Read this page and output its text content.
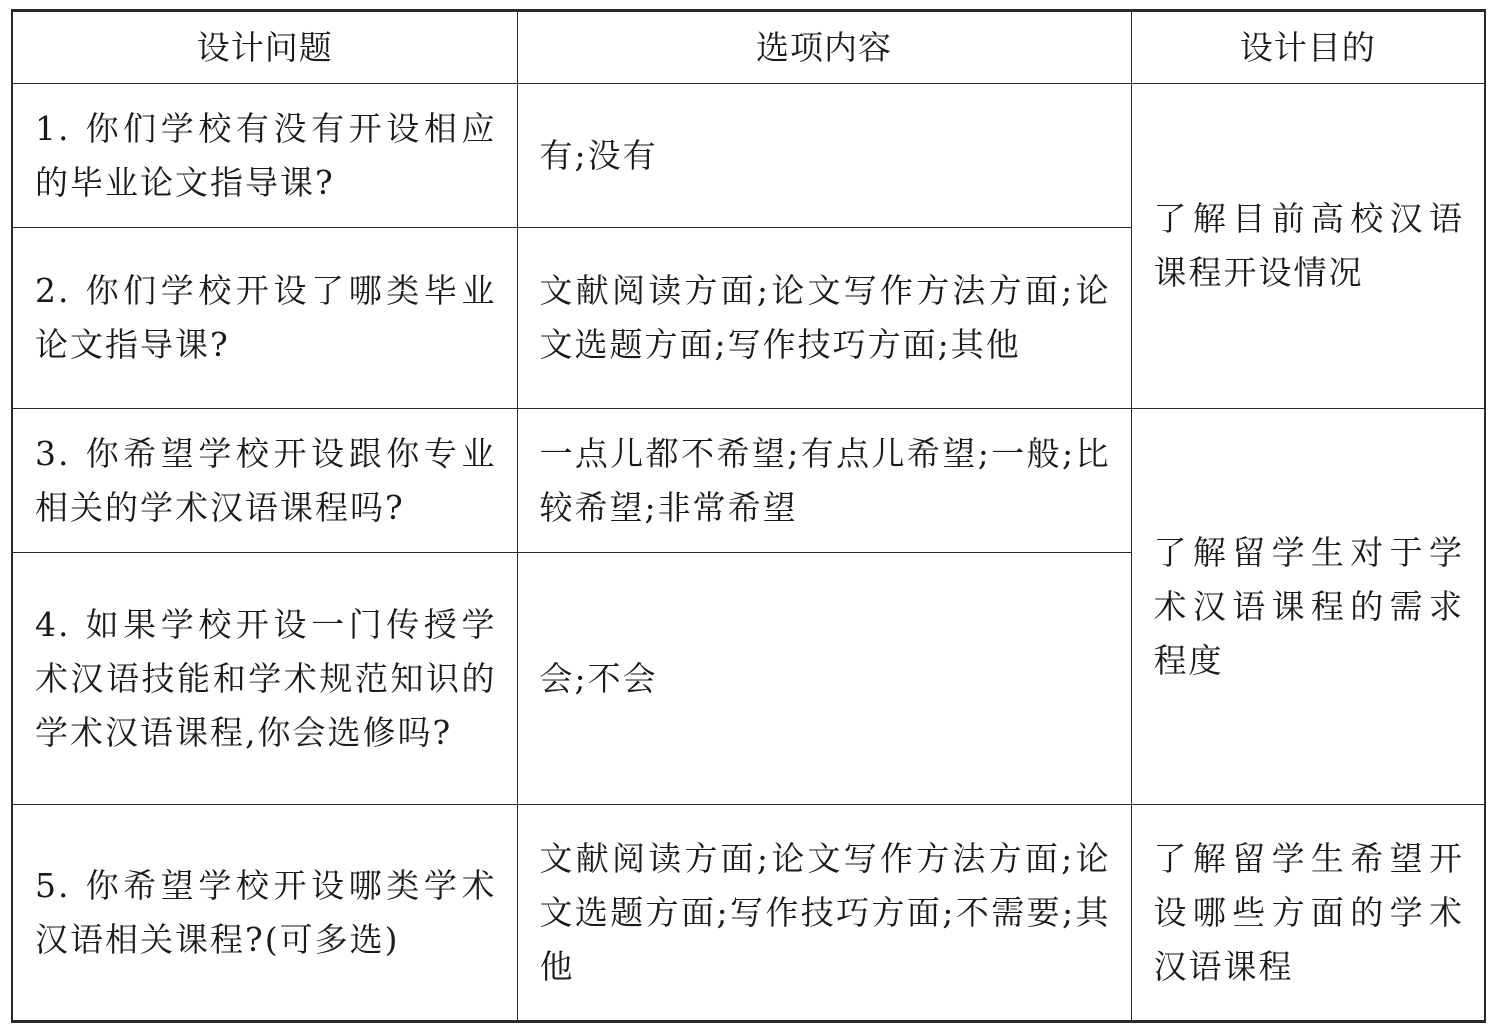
设计问题	选项内容	设计目的
1. 你们学校有没有开设相应的毕业论文指导课?	有;没有	了解目前高校汉语课程开设情况
2. 你们学校开设了哪类毕业论文指导课?	文献阅读方面;论文写作方法方面;论文选题方面;写作技巧方面;其他	
3. 你希望学校开设跟你专业相关的学术汉语课程吗?	一点儿都不希望;有点儿希望;一般;比较希望;非常希望	了解留学生对于学术汉语课程的需求程度
4. 如果学校开设一门传授学术汉语技能和学术规范知识的学术汉语课程,你会选修吗?	会;不会	
5. 你希望学校开设哪类学术汉语相关课程?(可多选)	文献阅读方面;论文写作方法方面;论文选题方面;写作技巧方面;不需要;其他	了解留学生希望开设哪些方面的学术汉语课程
